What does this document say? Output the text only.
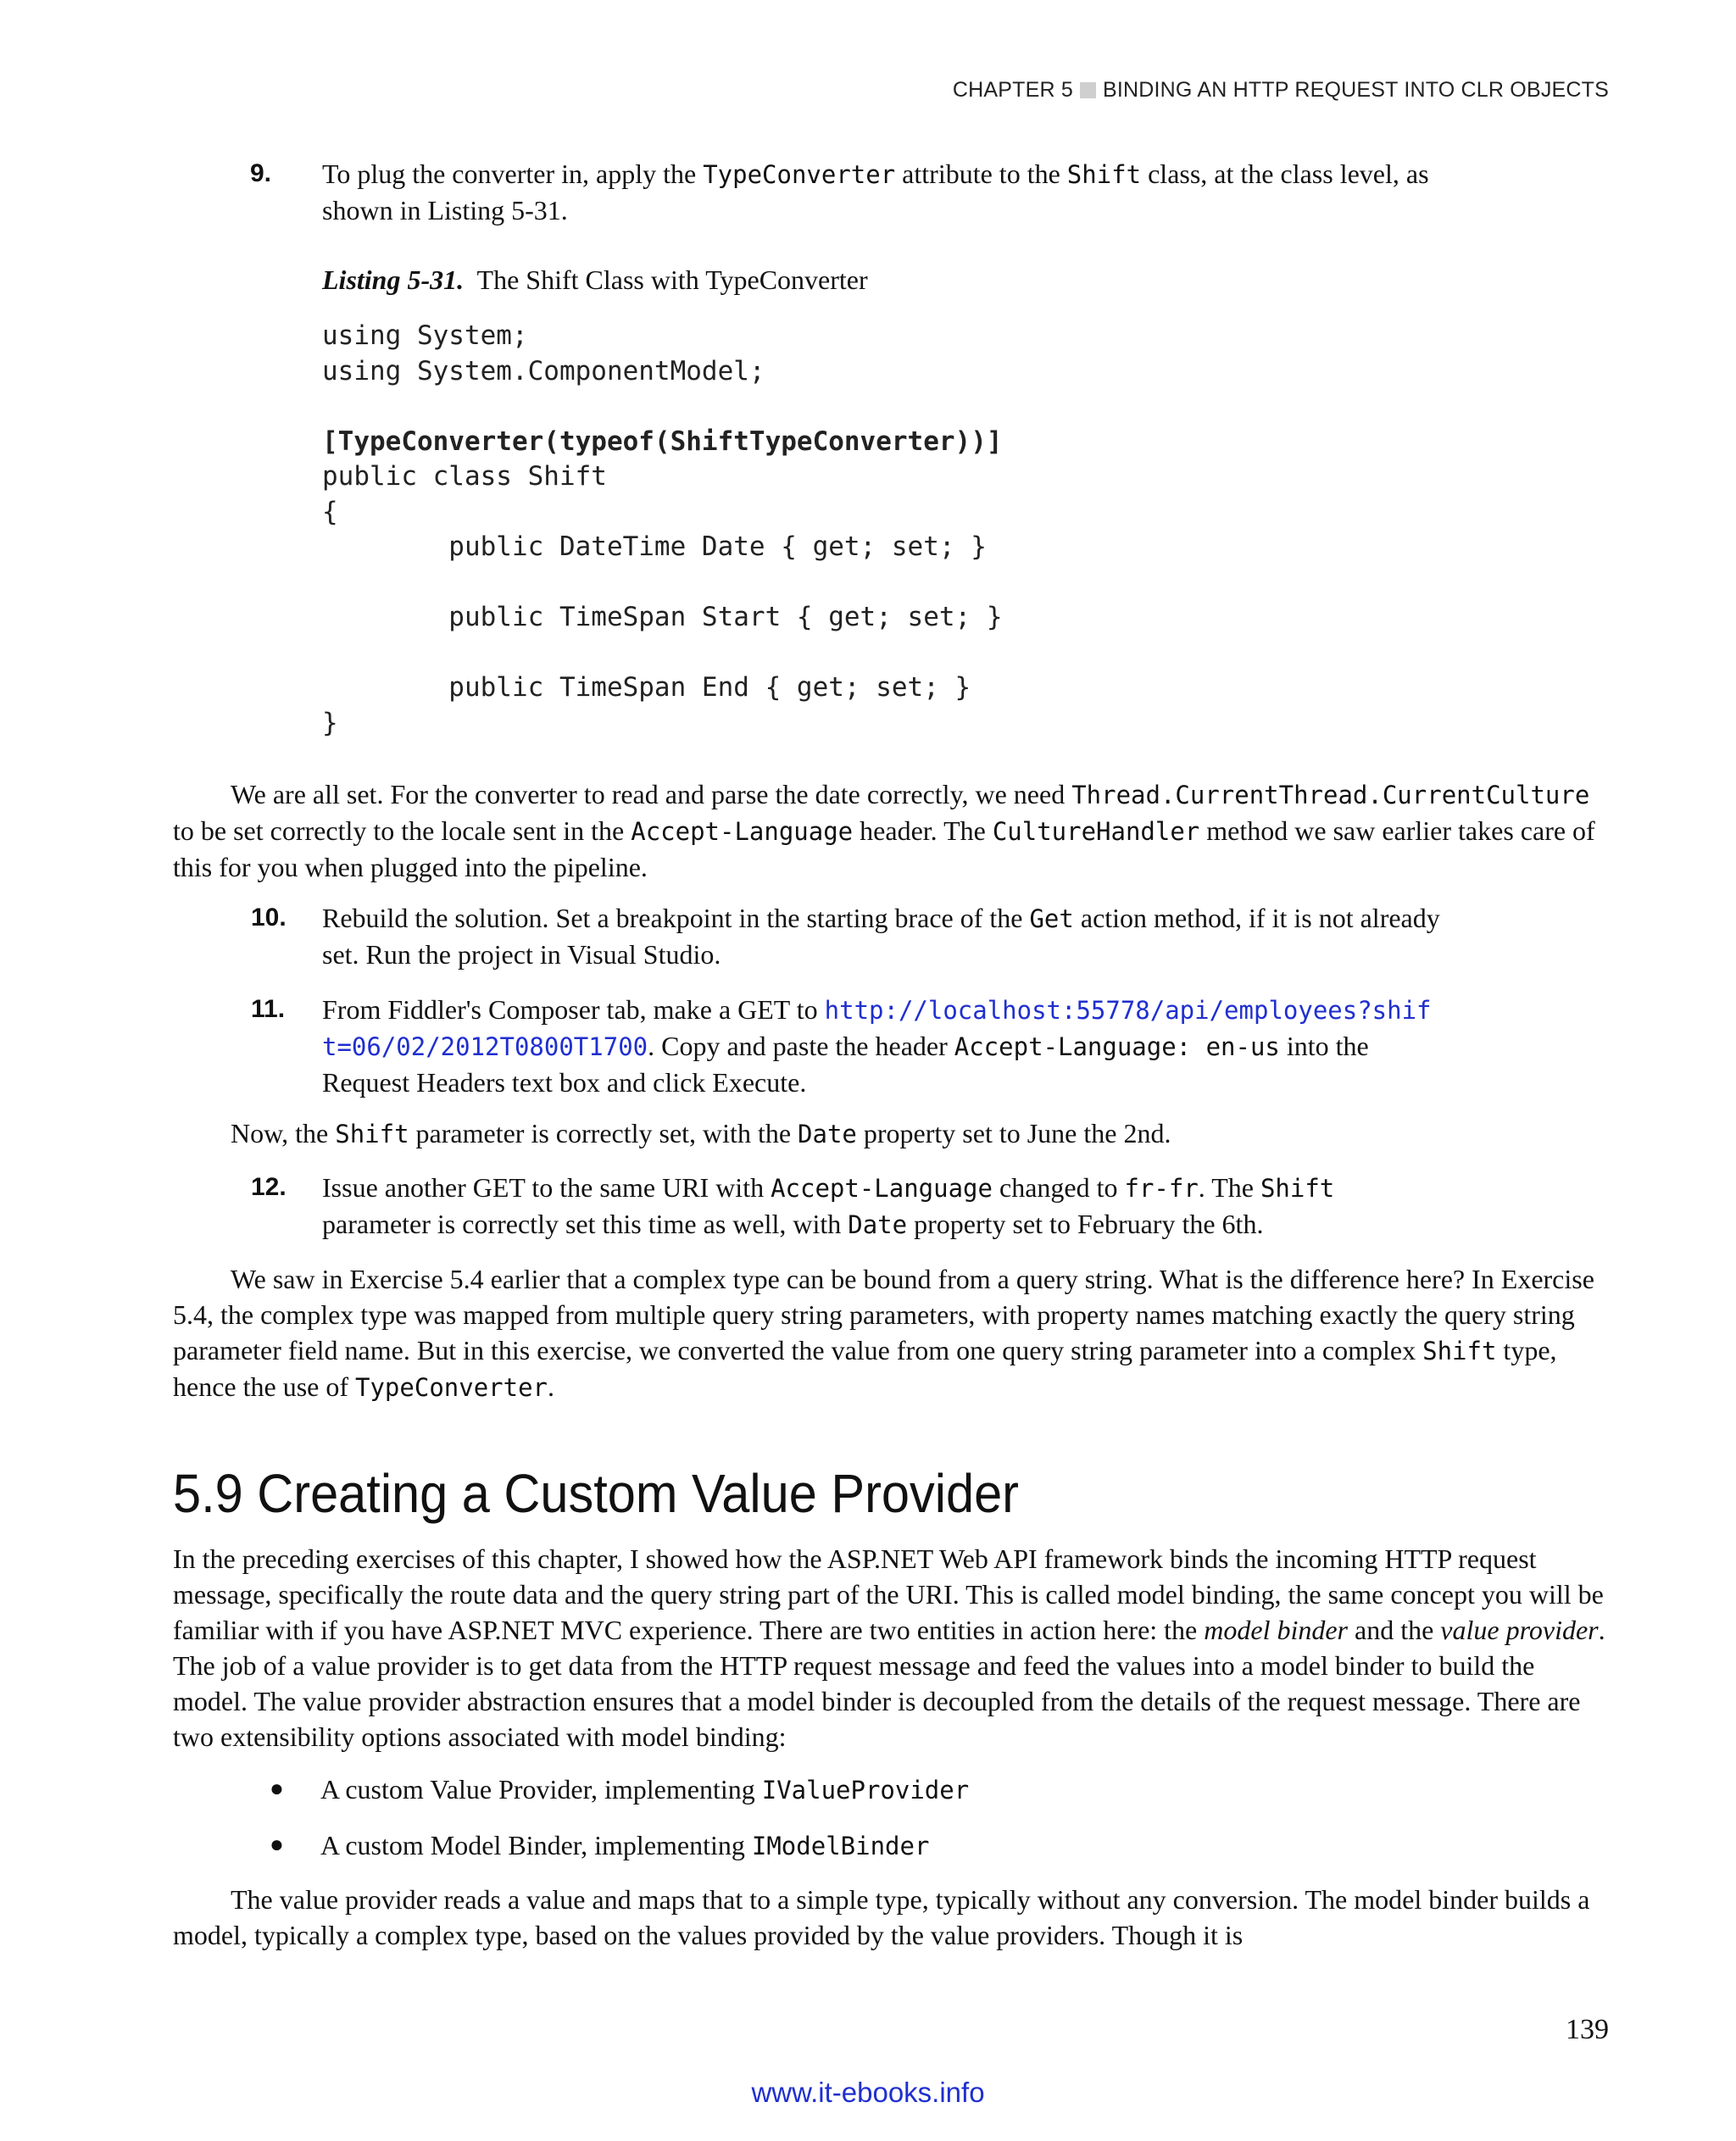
CHAPTER 5 BINDING AN HTTP REQUEST INTO CLR OBJECTS
9.	To plug the converter in, apply the TypeConverter attribute to the Shift class, at the class level, as shown in Listing 5-31.
Listing 5-31. The Shift Class with TypeConverter
using System;
using System.ComponentModel;

[TypeConverter(typeof(ShiftTypeConverter))]
public class Shift
{
public DateTime Date { get; set; }

public TimeSpan Start { get; set; }

public TimeSpan End { get; set; }
}
We are all set. For the converter to read and parse the date correctly, we need Thread.CurrentThread.CurrentCulture to be set correctly to the locale sent in the Accept-Language header. The CultureHandler method we saw earlier takes care of this for you when plugged into the pipeline.
10.	Rebuild the solution. Set a breakpoint in the starting brace of the Get action method, if it is not already set. Run the project in Visual Studio.
11.	From Fiddler's Composer tab, make a GET to http://localhost:55778/api/employees?shift=06/02/2012T0800T1700. Copy and paste the header Accept-Language: en-us into the Request Headers text box and click Execute.
Now, the Shift parameter is correctly set, with the Date property set to June the 2nd.
12.	Issue another GET to the same URI with Accept-Language changed to fr-fr. The Shift parameter is correctly set this time as well, with Date property set to February the 6th.
We saw in Exercise 5.4 earlier that a complex type can be bound from a query string. What is the difference here? In Exercise 5.4, the complex type was mapped from multiple query string parameters, with property names matching exactly the query string parameter field name. But in this exercise, we converted the value from one query string parameter into a complex Shift type, hence the use of TypeConverter.
5.9 Creating a Custom Value Provider
In the preceding exercises of this chapter, I showed how the ASP.NET Web API framework binds the incoming HTTP request message, specifically the route data and the query string part of the URI. This is called model binding, the same concept you will be familiar with if you have ASP.NET MVC experience. There are two entities in action here: the model binder and the value provider. The job of a value provider is to get data from the HTTP request message and feed the values into a model binder to build the model. The value provider abstraction ensures that a model binder is decoupled from the details of the request message. There are two extensibility options associated with model binding:
●	A custom Value Provider, implementing IValueProvider
●	A custom Model Binder, implementing IModelBinder
The value provider reads a value and maps that to a simple type, typically without any conversion. The model binder builds a model, typically a complex type, based on the values provided by the value providers. Though it is
139
www.it-ebooks.info
